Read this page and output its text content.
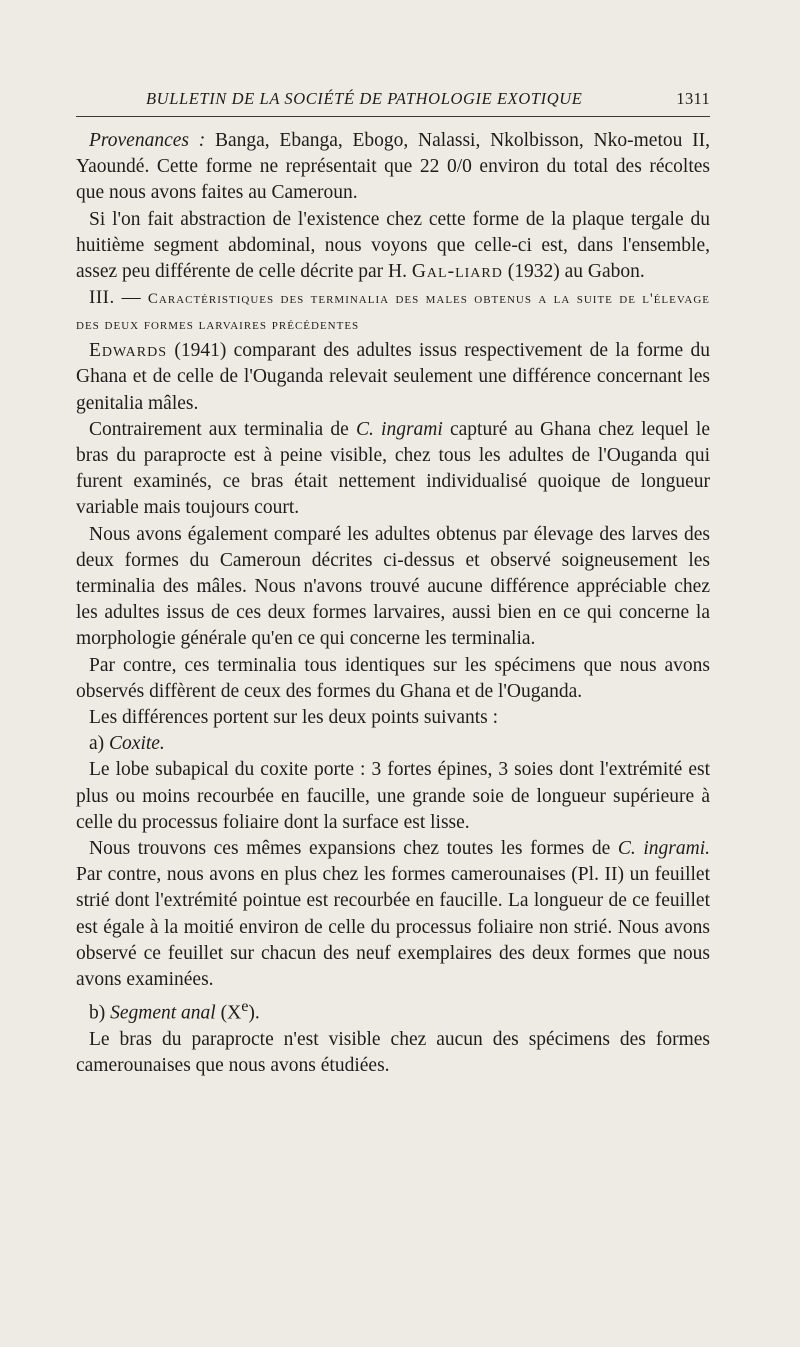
BULLETIN DE LA SOCIÉTÉ DE PATHOLOGIE EXOTIQUE	1311

Provenances : Banga, Ebanga, Ebogo, Nalassi, Nkolbisson, Nko-metou II, Yaoundé. Cette forme ne représentait que 22 0/0 environ du total des récoltes que nous avons faites au Cameroun.

Si l'on fait abstraction de l'existence chez cette forme de la plaque tergale du huitième segment abdominal, nous voyons que celle-ci est, dans l'ensemble, assez peu différente de celle décrite par H. Gal-liard (1932) au Gabon.

III. — Caractéristiques des terminalia des males obtenus a la suite de l'élevage des deux formes larvaires précédentes

Edwards (1941) comparant des adultes issus respectivement de la forme du Ghana et de celle de l'Ouganda relevait seulement une différence concernant les genitalia mâles.

Contrairement aux terminalia de C. ingrami capturé au Ghana chez lequel le bras du paraprocte est à peine visible, chez tous les adultes de l'Ouganda qui furent examinés, ce bras était nettement individualisé quoique de longueur variable mais toujours court.

Nous avons également comparé les adultes obtenus par élevage des larves des deux formes du Cameroun décrites ci-dessus et observé soigneusement les terminalia des mâles. Nous n'avons trouvé aucune différence appréciable chez les adultes issus de ces deux formes larvaires, aussi bien en ce qui concerne la morphologie générale qu'en ce qui concerne les terminalia.

Par contre, ces terminalia tous identiques sur les spécimens que nous avons observés diffèrent de ceux des formes du Ghana et de l'Ouganda.

Les différences portent sur les deux points suivants :

a) Coxite.

Le lobe subapical du coxite porte : 3 fortes épines, 3 soies dont l'extrémité est plus ou moins recourbée en faucille, une grande soie de longueur supérieure à celle du processus foliaire dont la surface est lisse.

Nous trouvons ces mêmes expansions chez toutes les formes de C. ingrami. Par contre, nous avons en plus chez les formes camerounaises (Pl. II) un feuillet strié dont l'extrémité pointue est recourbée en faucille. La longueur de ce feuillet est égale à la moitié environ de celle du processus foliaire non strié. Nous avons observé ce feuillet sur chacun des neuf exemplaires des deux formes que nous avons examinées.

b) Segment anal (Xe).

Le bras du paraprocte n'est visible chez aucun des spécimens des formes camerounaises que nous avons étudiées.
